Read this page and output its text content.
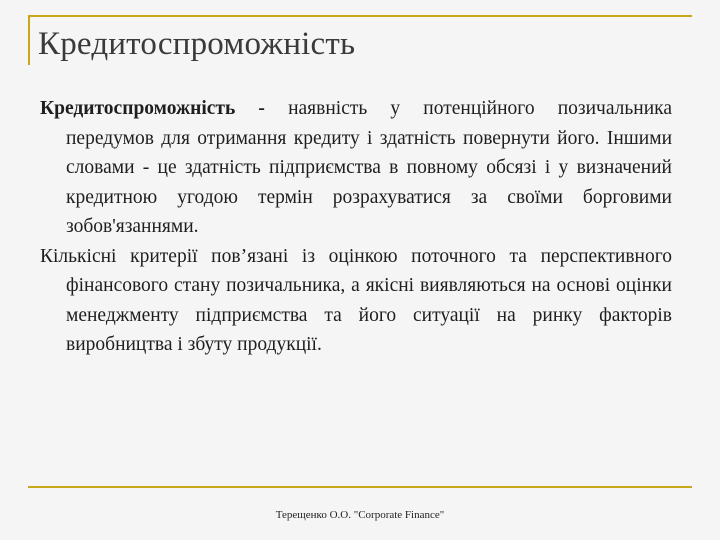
Кредитоспроможність

Кредитоспроможність - наявність у потенційного позичальника передумов для отримання кредиту і здатність повернути його. Іншими словами - це здатність підприємства в повному обсязі і у визначений кредитною угодою термін розрахуватися за своїми борговими зобов'язаннями.

Кількісні критерії пов’язані із оцінкою поточного та перспективного фінансового стану позичальника, а якісні виявляються на основі оцінки менеджменту підприємства та його ситуації на ринку факторів виробництва і збуту продукції.

Терещенко О.О. "Corporate Finance"
